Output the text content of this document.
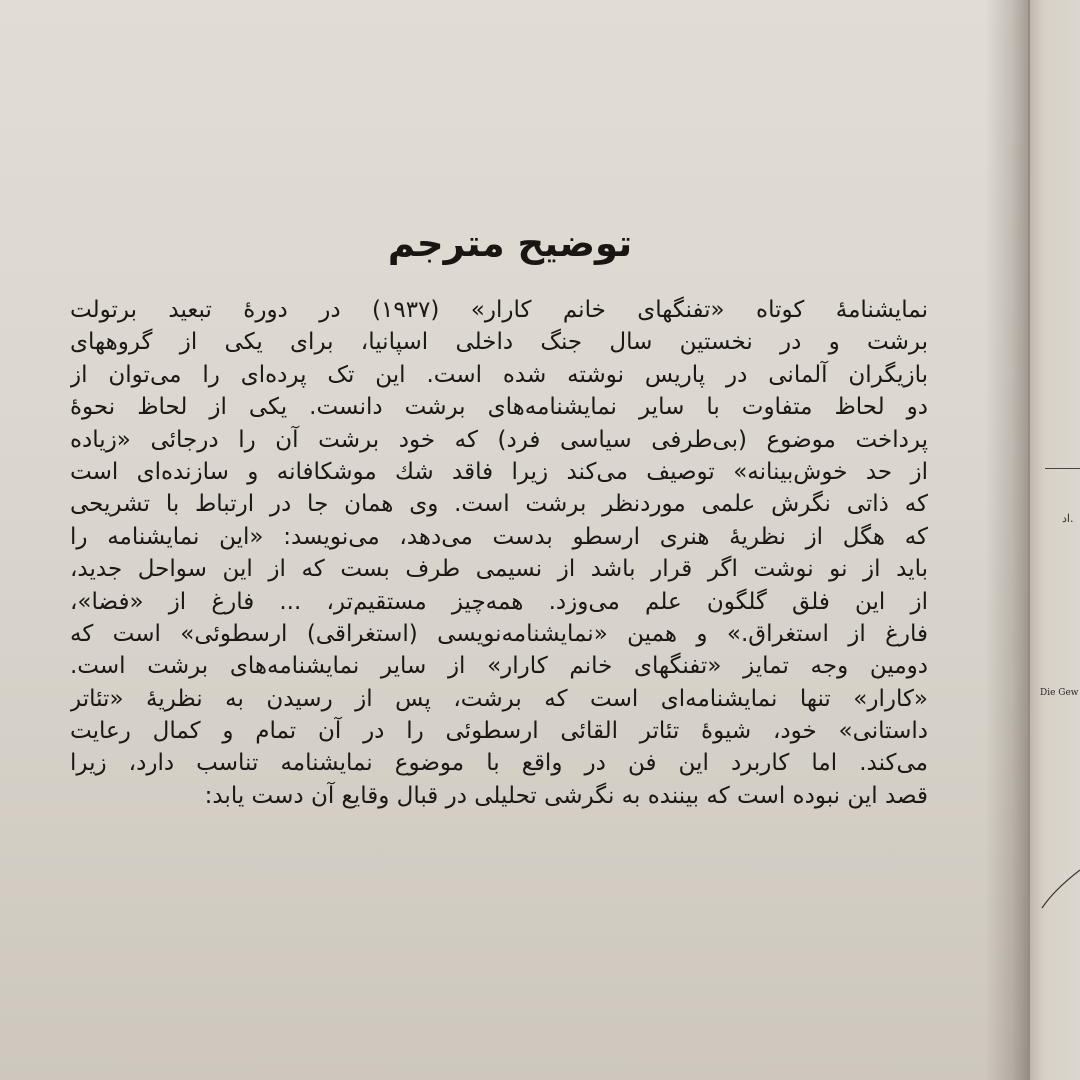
توضیح مترجم
نمایشنامهٔ کوتاه «تفنگهای خانم کارار» (۱۹۳۷) در دورهٔ تبعید برتولت
برشت و در نخستین سال جنگ داخلی اسپانیا، برای یکی از گروههای
بازیگران آلمانی در پاریس نوشته شده است. این تک پرده‌ای را می‌توان از
دو لحاظ متفاوت با سایر نمایشنامه‌های برشت دانست. یکی از لحاظ نحوهٔ
پرداخت موضوع (بی‌طرفی سیاسی فرد) که خود برشت آن را درجائی «زیاده
از حد خوش‌بینانه» توصیف می‌کند زیرا فاقد شك موشکافانه و سازنده‌ای است
که ذاتی نگرش علمی موردنظر برشت است. وی همان جا در ارتباط با تشریحی
که هگل از نظریهٔ هنری ارسطو بدست می‌دهد، می‌نویسد: «این نمایشنامه را
باید از نو نوشت اگر قرار باشد از نسیمی طرف بست که از این سواحل جدید،
از این فلق گلگون علم می‌وزد. همه‌چیز مستقیم‌تر، ... فارغ از «فضا»،
فارغ از استغراق.» و همین «نمایشنامه‌نویسی (استغراقی) ارسطوئی» است که
دومین وجه تمایز «تفنگهای خانم کارار» از سایر نمایشنامه‌های برشت است.
«کارار» تنها نمایشنامه‌ای است که برشت، پس از رسیدن به نظریهٔ «تئاتر
داستانی» خود، شیوهٔ تئاتر القائی ارسطوئی را در آن تمام و کمال رعایت
می‌کند. اما کاربرد این فن در واقع با موضوع نمایشنامه تناسب دارد، زیرا
قصد این نبوده است که بیننده به نگرشی تحلیلی در قبال وقایع آن دست یابد:
اد.
Die Gew
